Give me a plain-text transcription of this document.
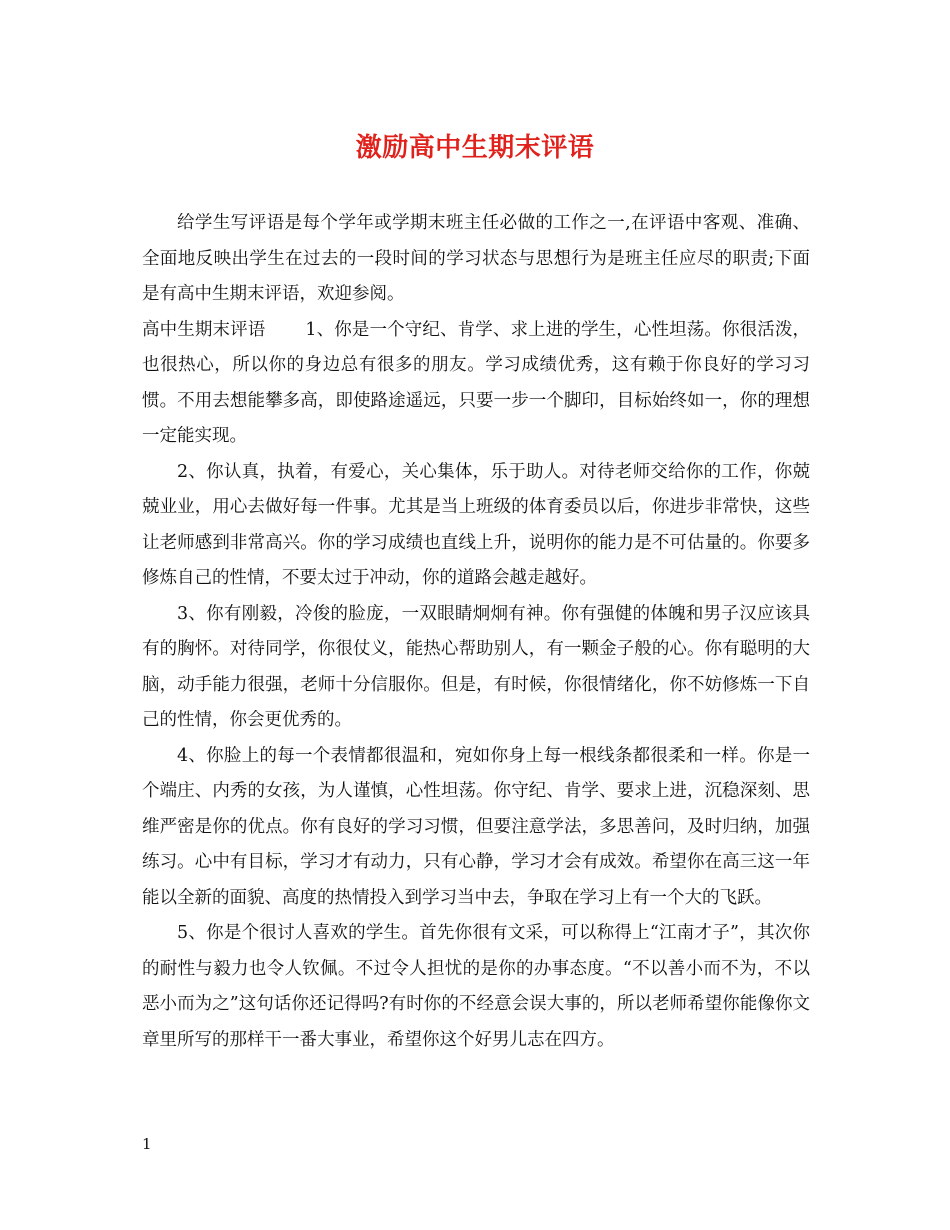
激励高中生期末评语

给学生写评语是每个学年或学期末班主任必做的工作之一,在评语中客观、准确、全面地反映出学生在过去的一段时间的学习状态与思想行为是班主任应尽的职责;下面是有高中生期末评语，欢迎参阅。

高中生期末评语 1、你是一个守纪、肯学、求上进的学生，心性坦荡。你很活泼，也很热心，所以你的身边总有很多的朋友。学习成绩优秀，这有赖于你良好的学习习惯。不用去想能攀多高，即使路途遥远，只要一步一个脚印，目标始终如一，你的理想一定能实现。

2、你认真，执着，有爱心，关心集体，乐于助人。对待老师交给你的工作，你兢兢业业，用心去做好每一件事。尤其是当上班级的体育委员以后，你进步非常快，这些让老师感到非常高兴。你的学习成绩也直线上升，说明你的能力是不可估量的。你要多修炼自己的性情，不要太过于冲动，你的道路会越走越好。

3、你有刚毅，冷俊的脸庞，一双眼睛炯炯有神。你有强健的体魄和男子汉应该具有的胸怀。对待同学，你很仗义，能热心帮助别人，有一颗金子般的心。你有聪明的大脑，动手能力很强，老师十分信服你。但是，有时候，你很情绪化，你不妨修炼一下自己的性情，你会更优秀的。

4、你脸上的每一个表情都很温和，宛如你身上每一根线条都很柔和一样。你是一个端庄、内秀的女孩，为人谨慎，心性坦荡。你守纪、肯学、要求上进，沉稳深刻、思维严密是你的优点。你有良好的学习习惯，但要注意学法，多思善问，及时归纳，加强练习。心中有目标，学习才有动力，只有心静，学习才会有成效。希望你在高三这一年能以全新的面貌、高度的热情投入到学习当中去，争取在学习上有一个大的飞跃。

5、你是个很讨人喜欢的学生。首先你很有文采，可以称得上“江南才子”，其次你的耐性与毅力也令人钦佩。不过令人担忧的是你的办事态度。“不以善小而不为，不以恶小而为之”这句话你还记得吗?有时你的不经意会误大事的，所以老师希望你能像你文章里所写的那样干一番大事业，希望你这个好男儿志在四方。

1
